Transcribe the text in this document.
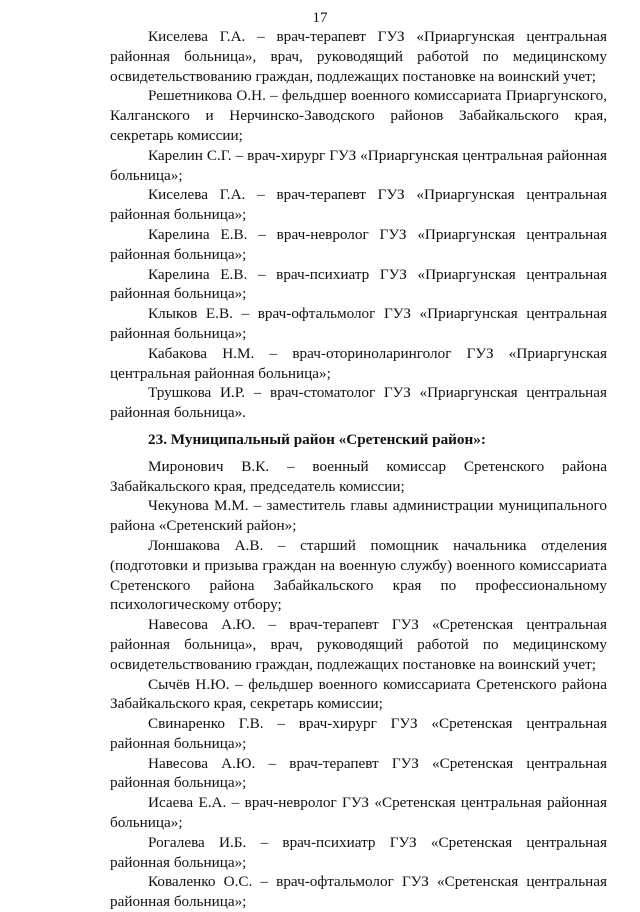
17

Киселева Г.А. – врач-терапевт ГУЗ «Приаргунская центральная районная больница», врач, руководящий работой по медицинскому освидетельствованию граждан, подлежащих постановке на воинский учет;

Решетникова О.Н. – фельдшер военного комиссариата Приаргунского, Калганского и Нерчинско-Заводского районов Забайкальского края, секретарь комиссии;

Карелин С.Г. – врач-хирург ГУЗ «Приаргунская центральная районная больница»;

Киселева Г.А. – врач-терапевт ГУЗ «Приаргунская центральная районная больница»;

Карелина Е.В. – врач-невролог ГУЗ «Приаргунская центральная районная больница»;

Карелина Е.В. – врач-психиатр ГУЗ «Приаргунская центральная районная больница»;

Клыков Е.В. – врач-офтальмолог ГУЗ «Приаргунская центральная районная больница»;

Кабакова Н.М. – врач-оториноларинголог ГУЗ «Приаргунская центральная районная больница»;

Трушкова И.Р. – врач-стоматолог ГУЗ «Приаргунская центральная районная больница».

23. Муниципальный район «Сретенский район»:

Миронович В.К. – военный комиссар Сретенского района Забайкальского края, председатель комиссии;

Чекунова М.М. – заместитель главы администрации муниципального района «Сретенский район»;

Лоншакова А.В. – старший помощник начальника отделения (подготовки и призыва граждан на военную службу) военного комиссариата Сретенского района Забайкальского края по профессиональному психологическому отбору;

Навесова А.Ю. – врач-терапевт ГУЗ «Сретенская центральная районная больница», врач, руководящий работой по медицинскому освидетельствованию граждан, подлежащих постановке на воинский учет;

Сычёв Н.Ю. – фельдшер военного комиссариата Сретенского района Забайкальского края, секретарь комиссии;

Свинаренко Г.В. – врач-хирург ГУЗ «Сретенская центральная районная больница»;

Навесова А.Ю. – врач-терапевт ГУЗ «Сретенская центральная районная больница»;

Исаева Е.А. – врач-невролог ГУЗ «Сретенская центральная районная больница»;

Рогалева И.Б. – врач-психиатр ГУЗ «Сретенская центральная районная больница»;

Коваленко О.С. – врач-офтальмолог ГУЗ «Сретенская центральная районная больница»;
